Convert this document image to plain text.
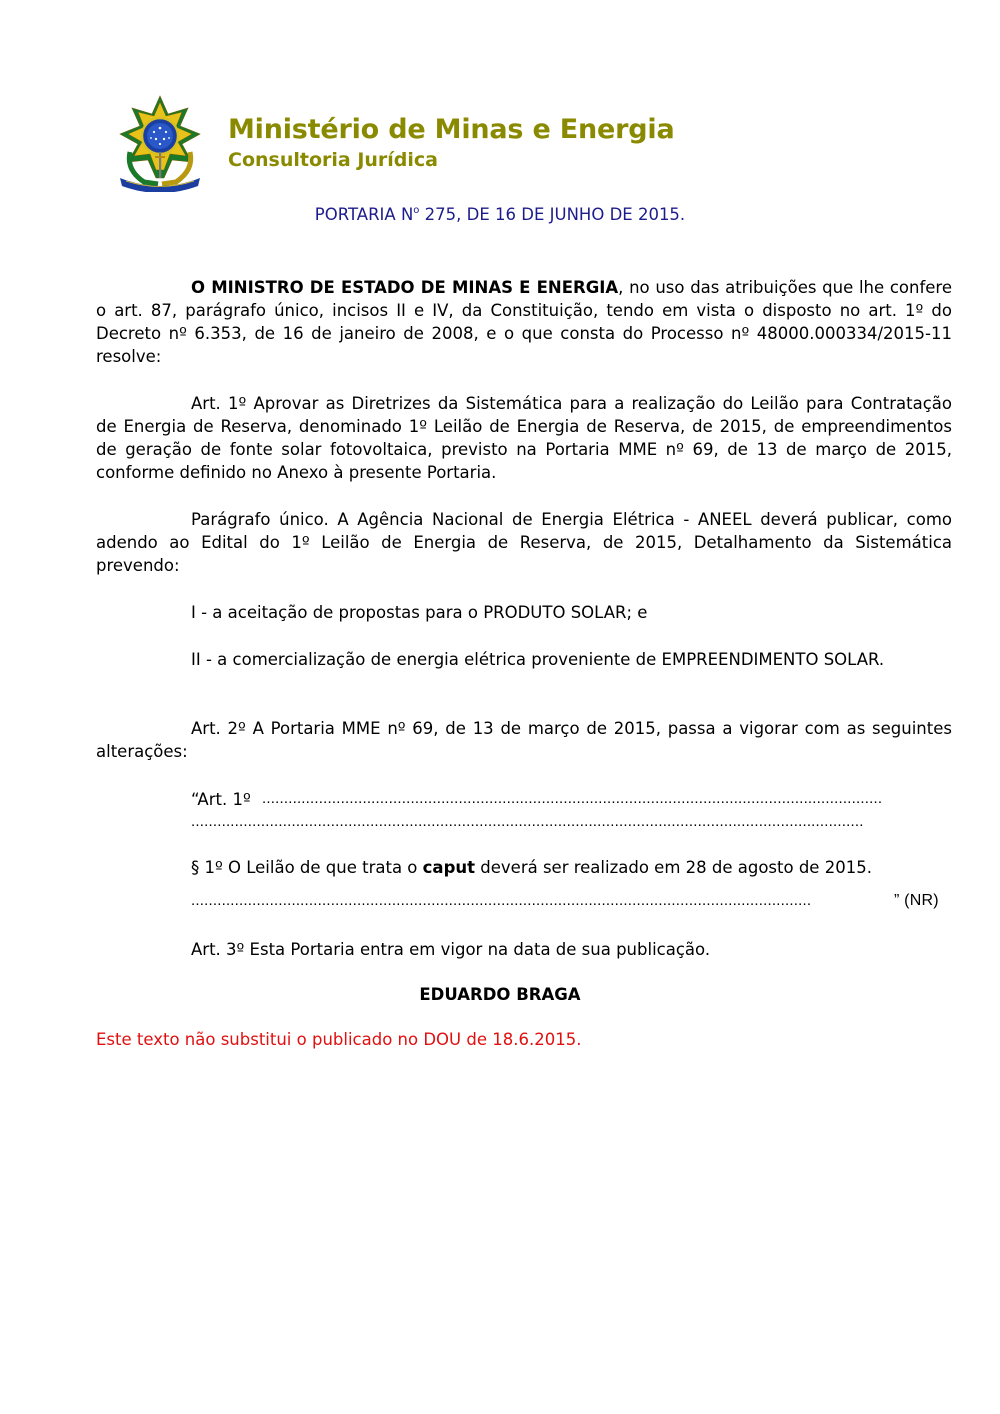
Ministério de Minas e Energia
Consultoria Jurídica
PORTARIA $N^o$ 275, DE 16 DE JUNHO DE 2015.
O MINISTRO DE ESTADO DE MINAS E ENERGIA, no uso das atribuições que lhe confere o art. 87, parágrafo único, incisos II e IV, da Constituição, tendo em vista o disposto no art. 1º do Decreto nº 6.353, de 16 de janeiro de 2008, e o que consta do Processo nº 48000.000334/2015-11 resolve:
Art. 1º Aprovar as Diretrizes da Sistemática para a realização do Leilão para Contratação de Energia de Reserva, denominado 1º Leilão de Energia de Reserva, de 2015, de empreendimentos de geração de fonte solar fotovoltaica, previsto na Portaria MME nº 69, de 13 de março de 2015, conforme definido no Anexo à presente Portaria.
Parágrafo único. A Agência Nacional de Energia Elétrica - ANEEL deverá publicar, como adendo ao Edital do 1º Leilão de Energia de Reserva, de 2015, Detalhamento da Sistemática prevendo:
I - a aceitação de propostas para o PRODUTO SOLAR; e
II - a comercialização de energia elétrica proveniente de EMPREENDIMENTO SOLAR.
Art. 2º A Portaria MME nº 69, de 13 de março de 2015, passa a vigorar com as seguintes alterações:
“Art. 1º ..............................................................................................................................................
..........................................................................................................................................................
§ 1º O Leilão de que trata o caput deverá ser realizado em 28 de agosto de 2015.
..............................................................................................................................................	” (NR)
Art. 3º Esta Portaria entra em vigor na data de sua publicação.
EDUARDO BRAGA
Este texto não substitui o publicado no DOU de 18.6.2015.
